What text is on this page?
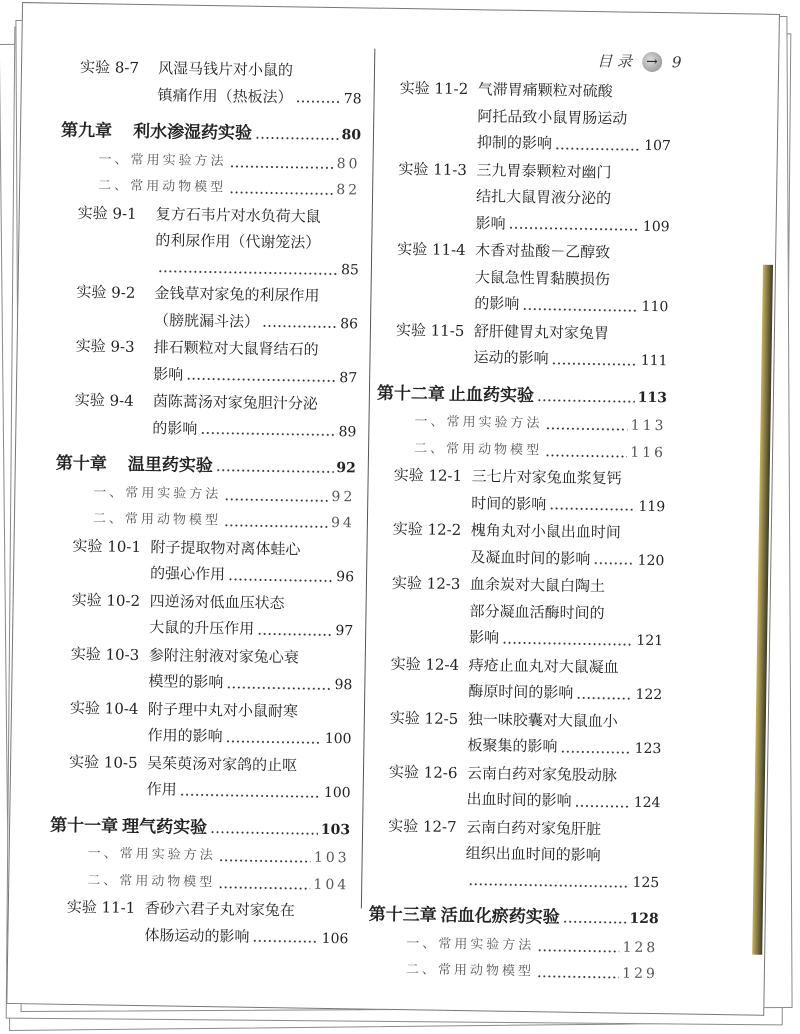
目 录 → 9
实验 8-7	风湿马钱片对小鼠的
镇痛作用（热板法）	78
第九章	利水渗湿药实验	80
一、常用实验方法	80
二、常用动物模型	82
实验 9-1	复方石韦片对水负荷大鼠
的利尿作用（代谢笼法）
85
实验 9-2	金钱草对家兔的利尿作用
（膀胱漏斗法）	86
实验 9-3	排石颗粒对大鼠肾结石的
影响	87
实验 9-4	茵陈蒿汤对家兔胆汁分泌
的影响	89
第十章	温里药实验	92
一、常用实验方法	92
二、常用动物模型	94
实验 10-1 附子提取物对离体蛙心
的强心作用	96
实验 10-2 四逆汤对低血压状态
大鼠的升压作用	97
实验 10-3 参附注射液对家兔心衰
模型的影响	98
实验 10-4 附子理中丸对小鼠耐寒
作用的影响	100
实验 10-5 吴茱萸汤对家鸽的止呕
作用	100
第十一章 理气药实验	103
一、常用实验方法	103
二、常用动物模型	104
实验 11-1 香砂六君子丸对家兔在
体肠运动的影响	106
实验 11-2 气滞胃痛颗粒对硫酸
阿托品致小鼠胃肠运动
抑制的影响	107
实验 11-3 三九胃泰颗粒对幽门
结扎大鼠胃液分泌的
影响	109
实验 11-4 木香对盐酸－乙醇致
大鼠急性胃黏膜损伤
的影响	110
实验 11-5 舒肝健胃丸对家兔胃
运动的影响	111
第十二章 止血药实验	113
一、常用实验方法	113
二、常用动物模型	116
实验 12-1 三七片对家兔血浆复钙
时间的影响	119
实验 12-2 槐角丸对小鼠出血时间
及凝血时间的影响	120
实验 12-3 血余炭对大鼠白陶土
部分凝血活酶时间的
影响	121
实验 12-4 痔疮止血丸对大鼠凝血
酶原时间的影响	122
实验 12-5 独一味胶囊对大鼠血小
板聚集的影响	123
实验 12-6 云南白药对家兔股动脉
出血时间的影响	124
实验 12-7 云南白药对家兔肝脏
组织出血时间的影响
125
第十三章 活血化瘀药实验	128
一、常用实验方法	128
二、常用动物模型	129
